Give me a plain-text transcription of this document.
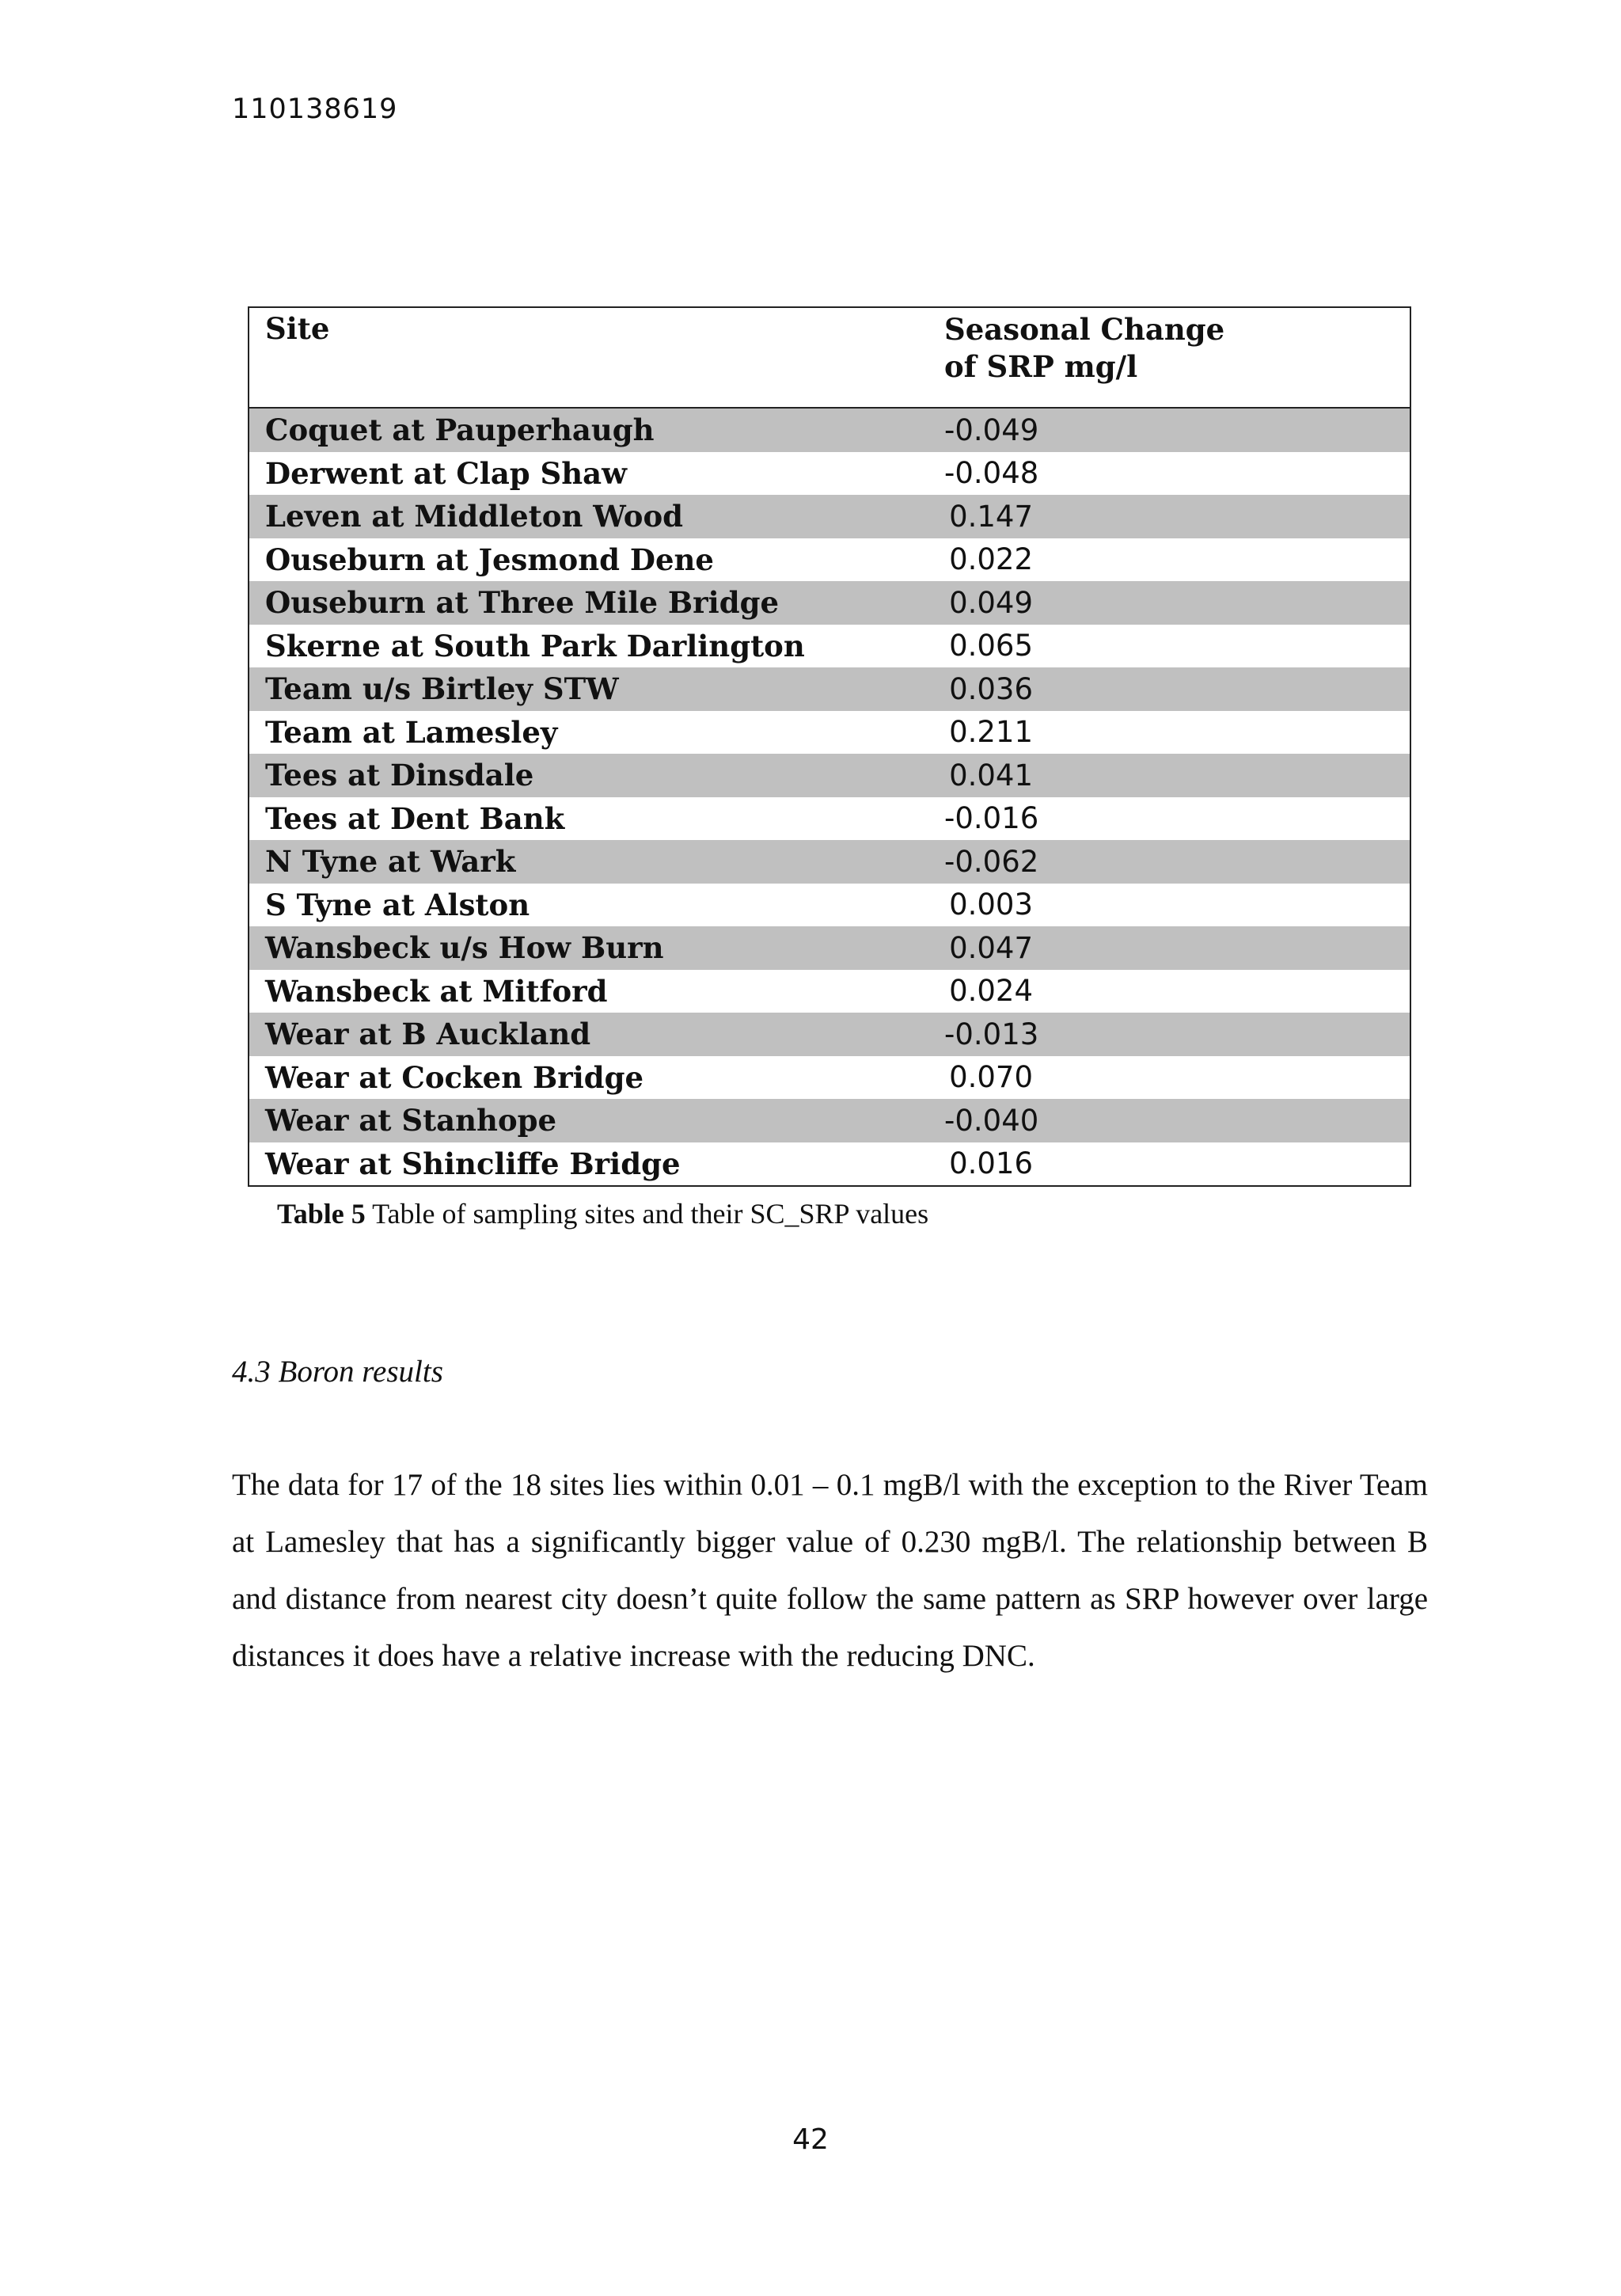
110138619
Site	Seasonal Change
of SRP mg/l
Coquet at Pauperhaugh	-0.049
Derwent at Clap Shaw	-0.048
Leven at Middleton Wood	0.147
Ouseburn at Jesmond Dene	0.022
Ouseburn at Three Mile Bridge	0.049
Skerne at South Park Darlington	0.065
Team u/s Birtley STW	0.036
Team at Lamesley	0.211
Tees at Dinsdale	0.041
Tees at Dent Bank	-0.016
N Tyne at Wark	-0.062
S Tyne at Alston	0.003
Wansbeck u/s How Burn	0.047
Wansbeck at Mitford	0.024
Wear at B Auckland	-0.013
Wear at Cocken Bridge	0.070
Wear at Stanhope	-0.040
Wear at Shincliffe Bridge	0.016
Table 5 Table of sampling sites and their SC_SRP values
4.3 Boron results
The data for 17 of the 18 sites lies within 0.01 – 0.1 mgB/l with the exception to the River Team at Lamesley that has a significantly bigger value of 0.230 mgB/l. The relationship between B and distance from nearest city doesn’t quite follow the same pattern as SRP however over large distances it does have a relative increase with the reducing DNC.
42
